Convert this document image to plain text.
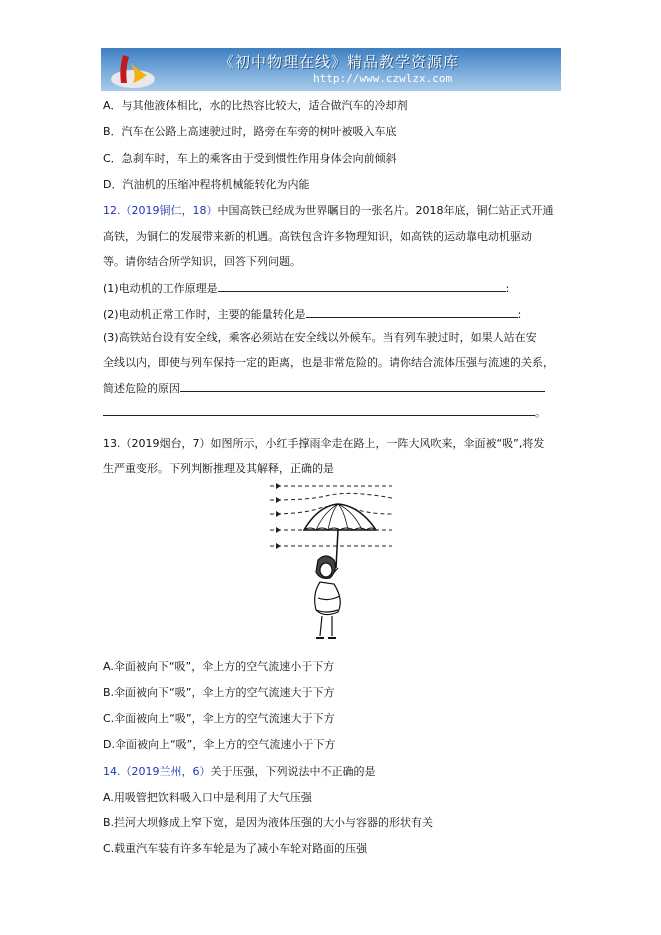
《初中物理在线》精品教学资源库
http://www.czwlzx.com
A．与其他液体相比，水的比热容比较大，适合做汽车的冷却剂
B．汽车在公路上高速驶过时，路旁在车旁的树叶被吸入车底
C．急刹车时，车上的乘客由于受到惯性作用身体会向前倾斜
D．汽油机的压缩冲程将机械能转化为内能
12.（2019铜仁，18）中国高铁已经成为世界瞩目的一张名片。2018年底，铜仁站正式开通
高铁，为铜仁的发展带来新的机遇。高铁包含许多物理知识，如高铁的运动靠电动机驱动
等。请你结合所学知识，回答下列问题。
(1)电动机的工作原理是	:
(2)电动机正常工作时，主要的能量转化是	:
(3)高铁站台设有安全线，乘客必须站在安全线以外候车。当有列车驶过时，如果人站在安
全线以内，即使与列车保持一定的距离，也是非常危险的。请你结合流体压强与流速的关系，
简述危险的原因
。
13.（2019烟台，7）如图所示，小红手撑雨伞走在路上，一阵大风吹来，伞面被“吸”,将发
生严重变形。下列判断推理及其解释，正确的是
A.伞面被向下“吸”，伞上方的空气流速小于下方
B.伞面被向下“吸”，伞上方的空气流速大于下方
C.伞面被向上“吸”，伞上方的空气流速大于下方
D.伞面被向上“吸”，伞上方的空气流速小于下方
14.（2019兰州，6）关于压强，下列说法中不正确的是
A.用吸管把饮料吸入口中是利用了大气压强
B.拦河大坝修成上窄下宽，是因为液体压强的大小与容器的形状有关
C.载重汽车装有许多车轮是为了减小车轮对路面的压强
